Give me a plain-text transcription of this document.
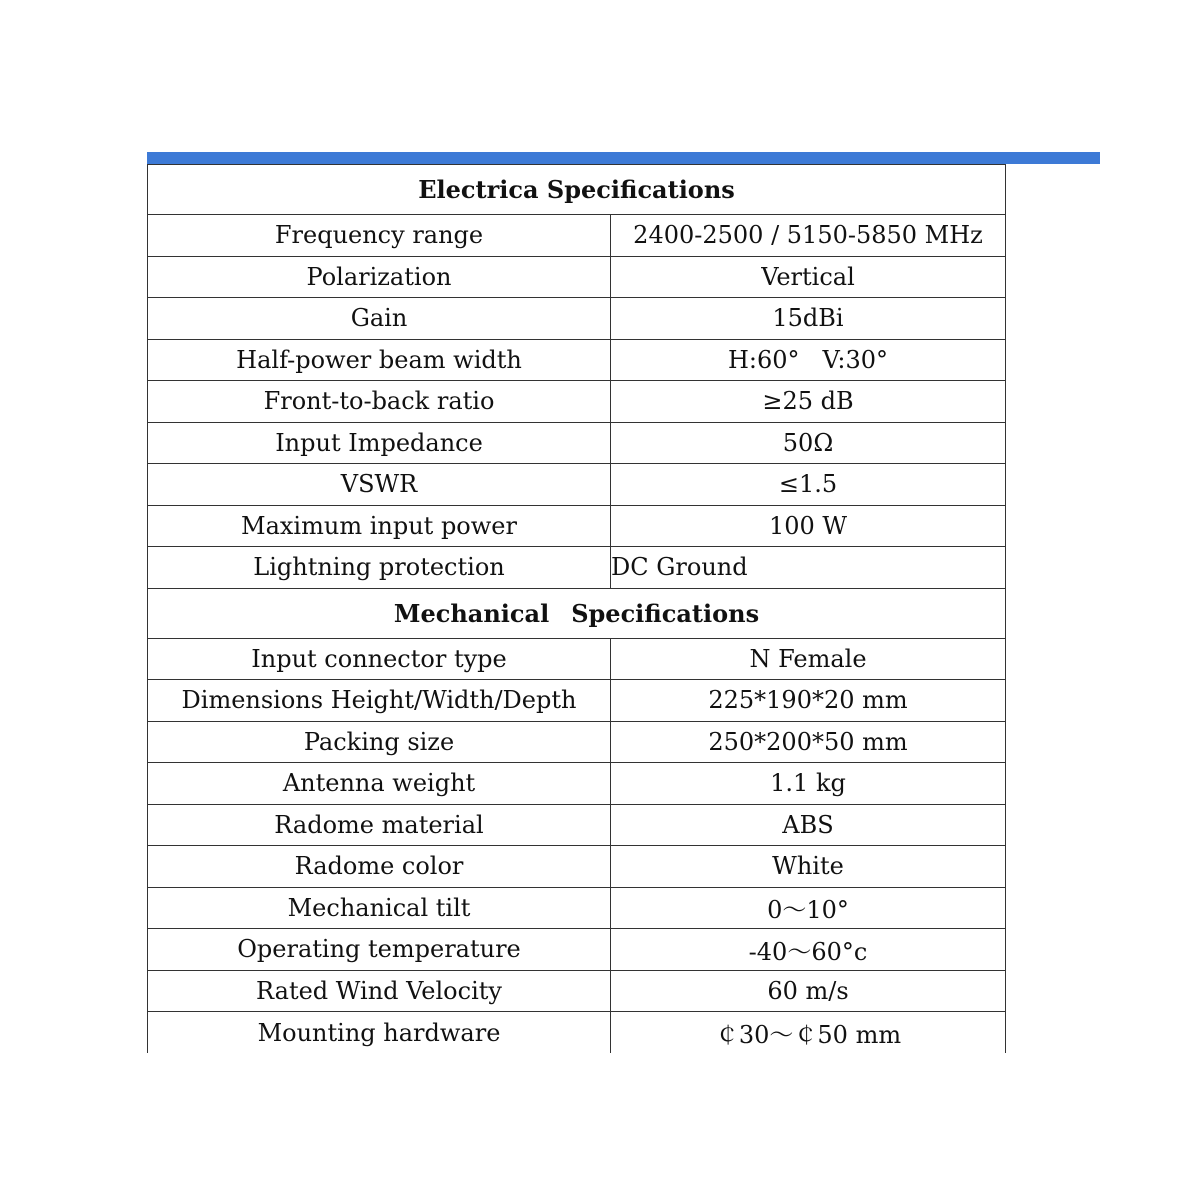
Electrica Specifications	
Frequency range	2400-2500 / 5150-5850 MHz
Polarization	Vertical
Gain	15dBi
Half-power beam width	H:60°   V:30°
Front-to-back ratio	≥25 dB
Input Impedance	50Ω
VSWR	≤1.5
Maximum input power	100 W
Lightning protection	DC Ground
Mechanical Specifications	
Input connector type	N Female
Dimensions Height/Width/Depth	225*190*20 mm
Packing size	250*200*50 mm
Antenna weight	1.1 kg
Radome material	ABS
Radome color	White
Mechanical tilt	0～10°
Operating temperature	-40～60°c
Rated Wind Velocity	60 m/s
Mounting hardware	￠30～￠50 mm
